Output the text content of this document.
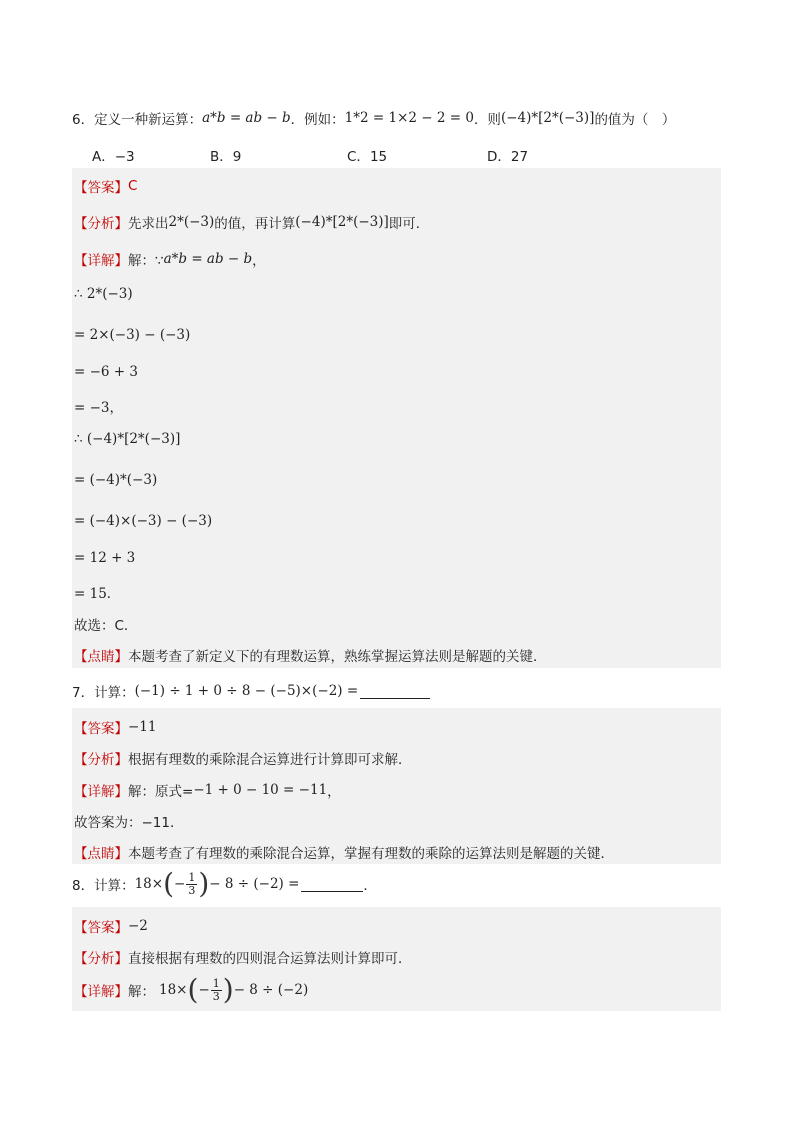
6． 定义一种新运算： a*b = ab − b ．例如： 1*2 = 1×2 − 2 = 0 ．则 (−4)*[2*(−3)] 的值为（　）
A．−3	B．9	C．15	D．27
【答案】 C
【分析】 先求出 2*(−3) 的值，再计算 (−4)*[2*(−3)] 即可．
【详解】 解：∵ a*b = ab − b ，
∴ 2*(−3)
= 2×(−3) − (−3)
= −6 + 3
= −3，
∴ (−4)*[2*(−3)]
= (−4)*(−3)
= (−4)×(−3) − (−3)
= 12 + 3
= 15．
故选：C．
【点睛】 本题考查了新定义下的有理数运算，熟练掌握运算法则是解题的关键．
7． 计算： (−1) ÷ 1 + 0 ÷ 8 − (−5)×(−2) =
【答案】 −11
【分析】 根据有理数的乘除混合运算进行计算即可求解．
【详解】 解：原式= −1 + 0 − 10 = −11 ，
故答案为：−11．
【点睛】 本题考查了有理数的乘除混合运算，掌握有理数的乘除的运算法则是解题的关键．
8． 计算： 18× ( − $\frac{1}{3}$ ) − 8 ÷ (−2) =	．
【答案】 −2
【分析】 直接根据有理数的四则混合运算法则计算即可．
【详解】 解： 18× ( − $\frac{1}{3}$ ) − 8 ÷ (−2)
